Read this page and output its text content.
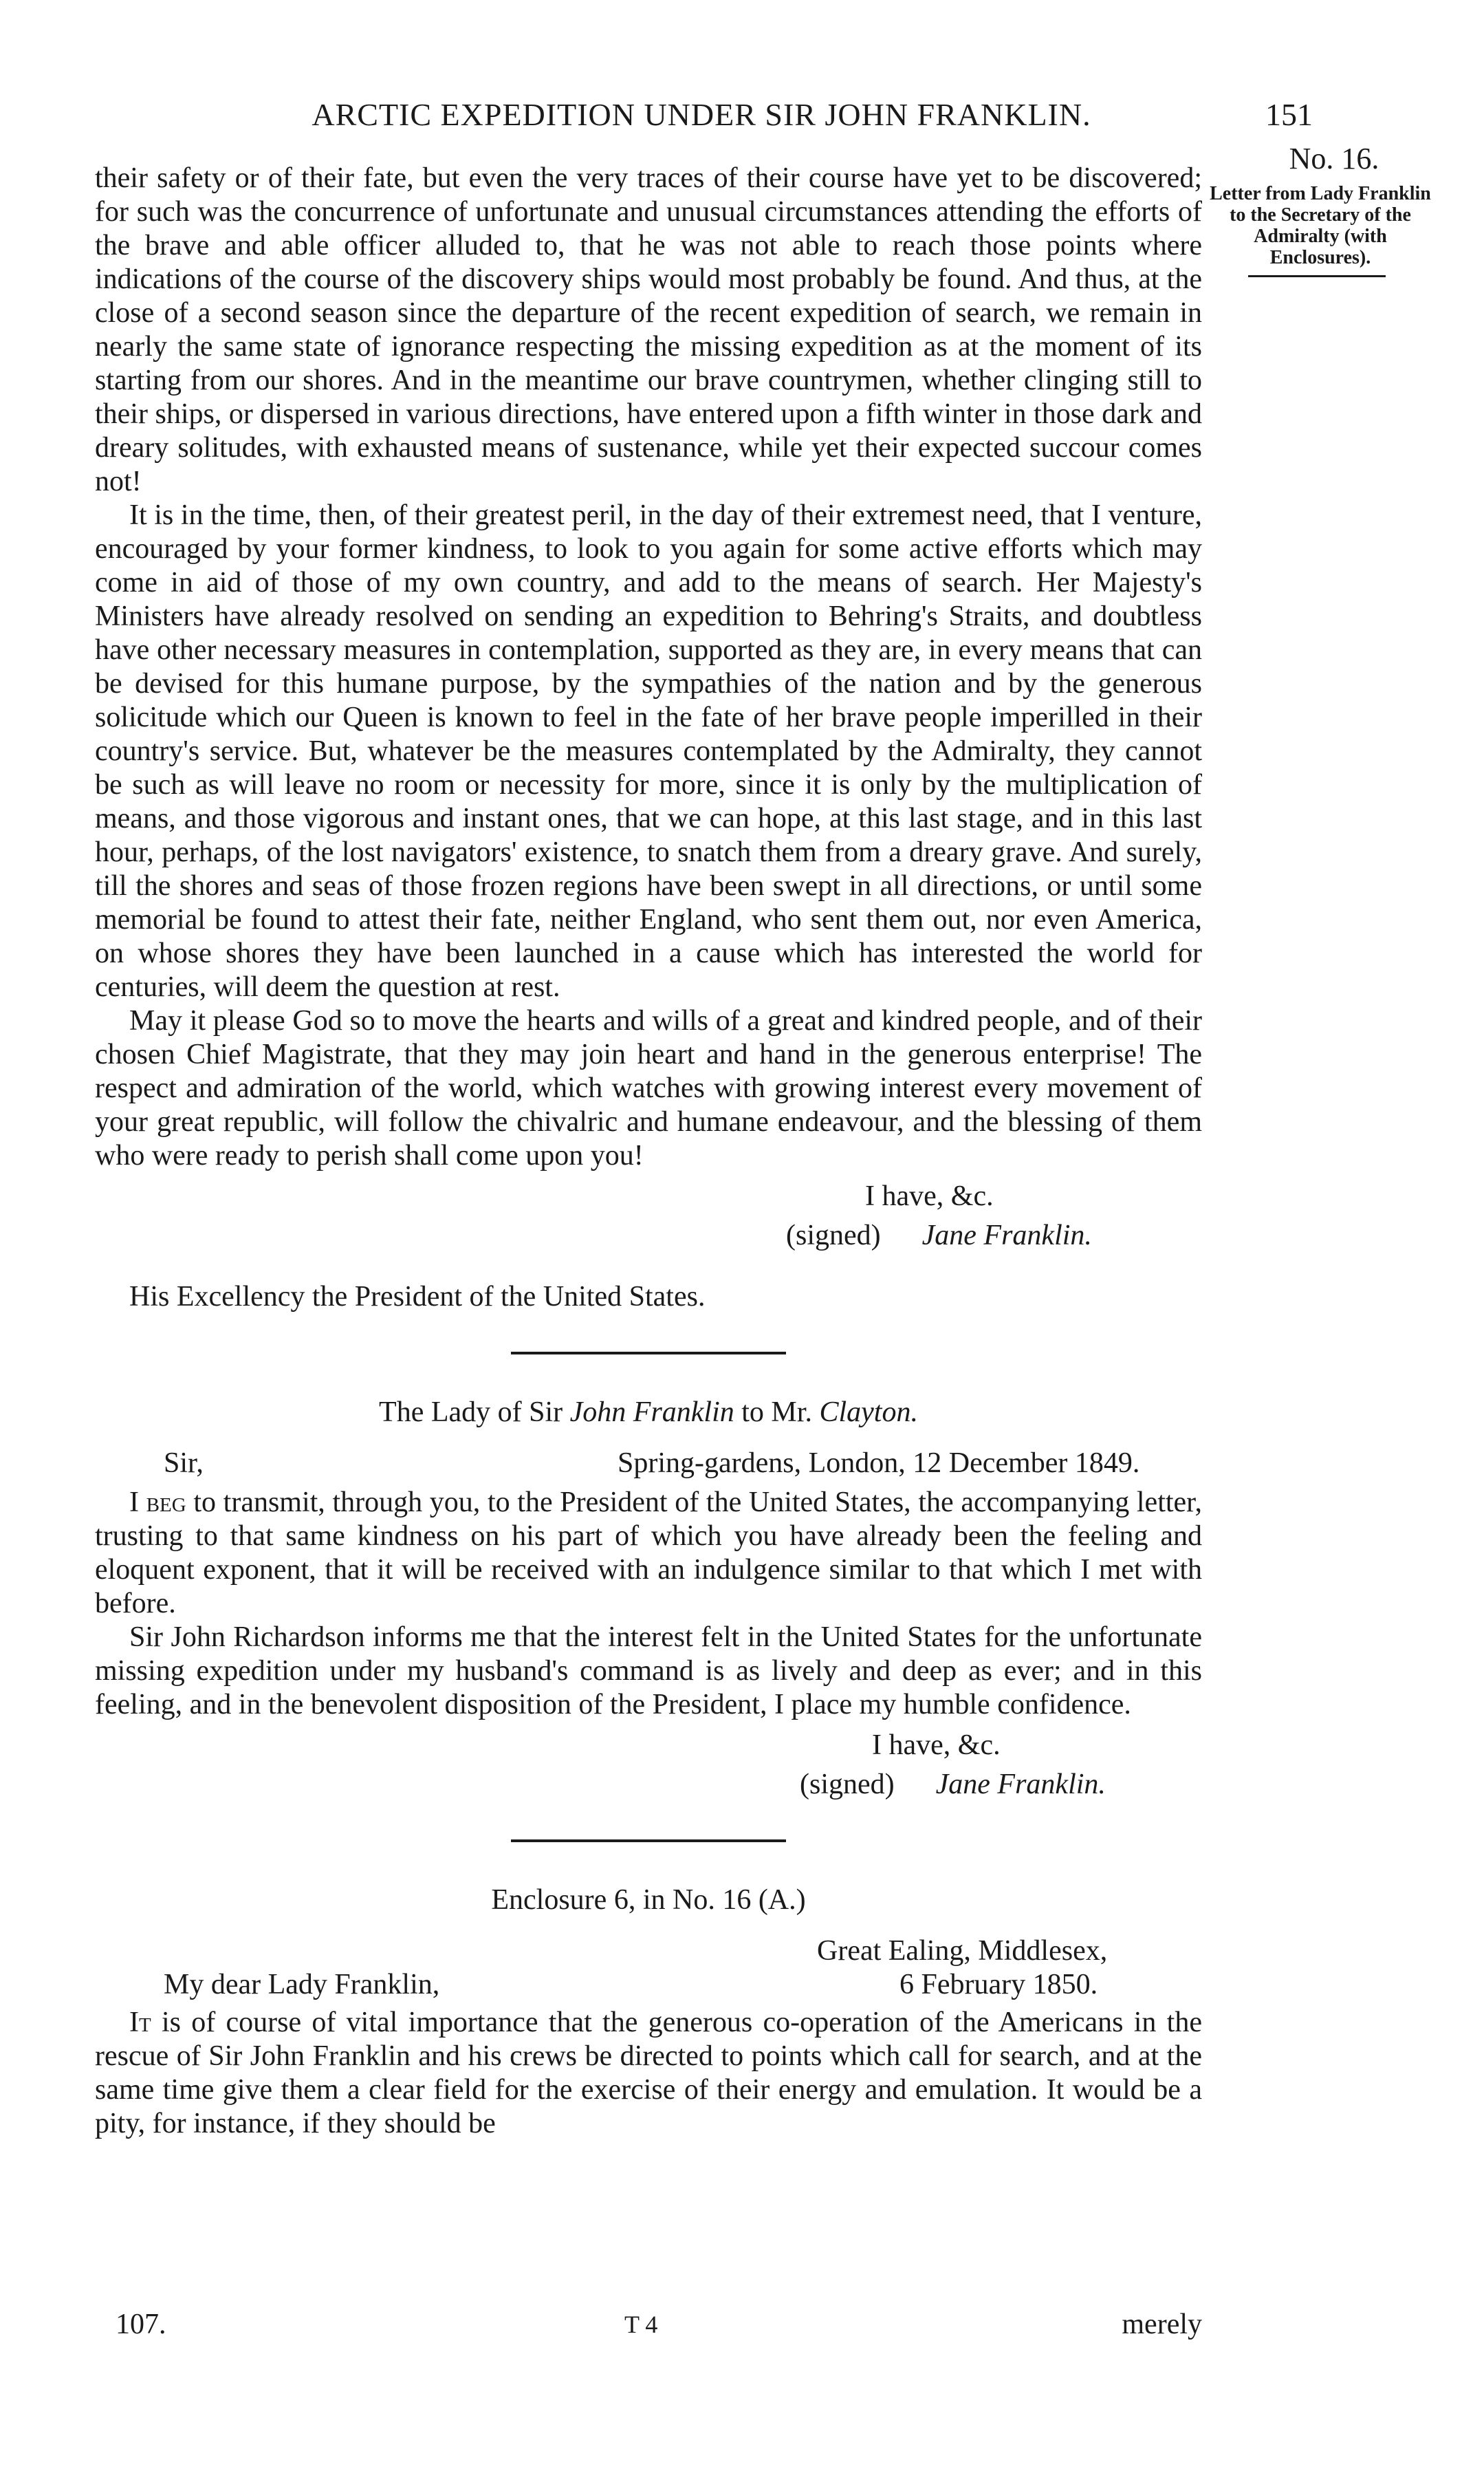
ARCTIC EXPEDITION UNDER SIR JOHN FRANKLIN.	151
No. 16.
Letter from Lady Franklin to the Secretary of the Admiralty (with Enclosures).

their safety or of their fate, but even the very traces of their course have yet to be discovered; for such was the concurrence of unfortunate and unusual circumstances attending the efforts of the brave and able officer alluded to, that he was not able to reach those points where indications of the course of the discovery ships would most probably be found. And thus, at the close of a second season since the departure of the recent expedition of search, we remain in nearly the same state of ignorance respecting the missing expedition as at the moment of its starting from our shores. And in the meantime our brave countrymen, whether clinging still to their ships, or dispersed in various directions, have entered upon a fifth winter in those dark and dreary solitudes, with exhausted means of sustenance, while yet their expected succour comes not!

It is in the time, then, of their greatest peril, in the day of their extremest need, that I venture, encouraged by your former kindness, to look to you again for some active efforts which may come in aid of those of my own country, and add to the means of search. Her Majesty's Ministers have already resolved on sending an expedition to Behring's Straits, and doubtless have other necessary measures in contemplation, supported as they are, in every means that can be devised for this humane purpose, by the sympathies of the nation and by the generous solicitude which our Queen is known to feel in the fate of her brave people imperilled in their country's service. But, whatever be the measures contemplated by the Admiralty, they cannot be such as will leave no room or necessity for more, since it is only by the multiplication of means, and those vigorous and instant ones, that we can hope, at this last stage, and in this last hour, perhaps, of the lost navigators' existence, to snatch them from a dreary grave. And surely, till the shores and seas of those frozen regions have been swept in all directions, or until some memorial be found to attest their fate, neither England, who sent them out, nor even America, on whose shores they have been launched in a cause which has interested the world for centuries, will deem the question at rest.

May it please God so to move the hearts and wills of a great and kindred people, and of their chosen Chief Magistrate, that they may join heart and hand in the generous enterprise! The respect and admiration of the world, which watches with growing interest every movement of your great republic, will follow the chivalric and humane endeavour, and the blessing of them who were ready to perish shall come upon you!

I have, &c.
(signed) Jane Franklin.
His Excellency the President of the United States.
The Lady of Sir John Franklin to Mr. Clayton.
Sir,	Spring-gardens, London, 12 December 1849.

I beg to transmit, through you, to the President of the United States, the accompanying letter, trusting to that same kindness on his part of which you have already been the feeling and eloquent exponent, that it will be received with an indulgence similar to that which I met with before.

Sir John Richardson informs me that the interest felt in the United States for the unfortunate missing expedition under my husband's command is as lively and deep as ever; and in this feeling, and in the benevolent disposition of the President, I place my humble confidence.

I have, &c.
(signed) Jane Franklin.
Enclosure 6, in No. 16 (A.)
Great Ealing, Middlesex,
My dear Lady Franklin,	6 February 1850.

It is of course of vital importance that the generous co-operation of the Americans in the rescue of Sir John Franklin and his crews be directed to points which call for search, and at the same time give them a clear field for the exercise of their energy and emulation. It would be a pity, for instance, if they should be

107.	T 4	merely
